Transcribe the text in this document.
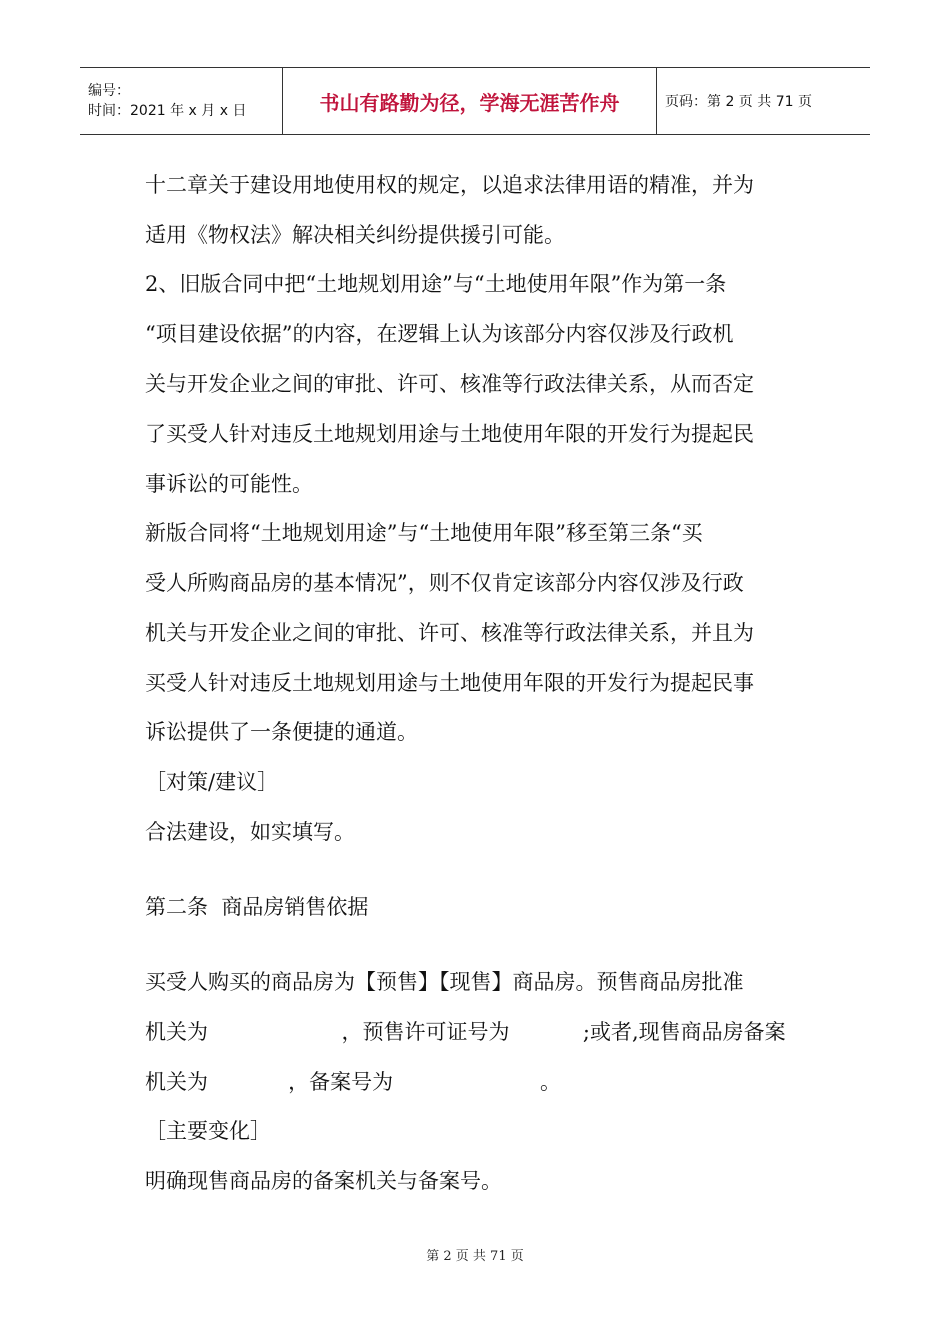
编号：
时间：2021 年 x 月 x 日	书山有路勤为径，学海无涯苦作舟	页码：第 2 页 共 71 页
十二章关于建设用地使用权的规定，以追求法律用语的精准，并为
适用《物权法》解决相关纠纷提供援引可能。
2、旧版合同中把“土地规划用途”与“土地使用年限”作为第一条
“项目建设依据”的内容，在逻辑上认为该部分内容仅涉及行政机
关与开发企业之间的审批、许可、核准等行政法律关系，从而否定
了买受人针对违反土地规划用途与土地使用年限的开发行为提起民
事诉讼的可能性。
新版合同将“土地规划用途”与“土地使用年限”移至第三条“买
受人所购商品房的基本情况”，则不仅肯定该部分内容仅涉及行政
机关与开发企业之间的审批、许可、核准等行政法律关系，并且为
买受人针对违反土地规划用途与土地使用年限的开发行为提起民事
诉讼提供了一条便捷的通道。
［对策/建议］
合法建设，如实填写。
第二条  商品房销售依据
买受人购买的商品房为【预售】【现售】商品房。预售商品房批准
机关为                    ，预售许可证号为           ;或者,现售商品房备案
机关为            ，备案号为                      。
［主要变化］
明确现售商品房的备案机关与备案号。
第 2 页 共 71 页
